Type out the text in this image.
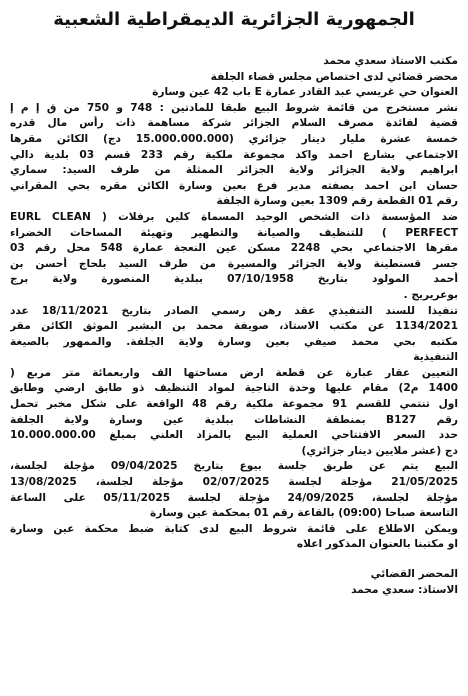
الجمهورية الجزائرية الديمقراطية الشعبية
مكتب الاستاذ سعدي محمد
محضر قضائي لدى اختصاص مجلس قضاء الجلفة
العنوان حي غريسي عبد القادر عمارة E باب 42 عين وسارة
نشر مستخرج من قائمة شروط البيع طبقا للمادتين : 748 و 750 من ق إ م إ
قضية لفائدة مصرف السلام الجزائر شركة مساهمة ذات رأس مال قدره
خمسة عشرة مليار دينار جزائري (15.000.000.000 دج) الكائن مقرها
الاجتماعي بشارع احمد واكد مجموعة ملكية رقم 233 قسم 03 بلدية دالي
ابراهيم ولاية الجزائر ولاية الجزائر الممثلة من طرف السيد: سماري
حسان ابن احمد بصفته مدير فرع بعين وسارة الكائن مقره بحي المقراني
رقم 01 القطعة رقم 1309 بعين وسارة الجلفة
ضد المؤسسة ذات الشخص الوحيد المسماة كلين برفلات ( EURL CLEAN
PERFECT ) للتنظيف والصيانة والتطهير وتهيئة المساحات الخضراء
مقرها الاجتماعي بحي 2248 مسكن عين النعجة عمارة 548 محل رقم 03
جسر قسنطينة ولاية الجزائر والمسيرة من طرف السيد بلحاج أحسن بن
أحمد المولود بتاريخ 07/10/1958 ببلدية المنصورة ولاية برج
بوعريريج .
تنفيذا للسند التنفيذي عقد رهن رسمي الصادر بتاريخ 18/11/2021 عدد
1134/2021 عن مكتب الاستاذ، صويفة محمد بن البشير الموثق الكائن مقر
مكتبه بحي محمد صيفي بعين وسارة ولاية الجلفة. والممهور بالصيغة
التنفيذية
التعيين عقار عبارة عن قطعة ارض مساحتها الف واربعمائة متر مربع (
1400 م2) مقام عليها وحدة التاجية لمواد التنظيف ذو طابق ارضي وطابق
اول تنتمي للقسم 91 مجموعة ملكية رقم 48 الواقعة على شكل مخبر تحمل
رقم B127 بمنطقة النشاطات ببلدية عين وسارة ولاية الجلفة
حدد السعر الافتتاحي العملية البيع بالمزاد العلني بمبلغ 10.000.000.00
دج (عشر ملايين دينار جزائري)
البيع يتم عن طريق جلسة بيوع بتاريخ 09/04/2025 مؤجلة لجلسة،
21/05/2025 مؤجلة لجلسة 02/07/2025 مؤجلة لجلسة، 13/08/2025
مؤجلة لجلسة، 24/09/2025 مؤجلة لجلسة 05/11/2025 على الساعة
التاسعة صباحا (09:00) بالقاعة رقم 01 بمحكمة عين وسارة
ويمكن الاطلاع على قائمة شروط البيع لدى كتابة ضبط محكمة عين وسارة
او مكتبنا بالعنوان المذكور اعلاه
المحضر القضائي
الاستاذ: سعدي محمد
